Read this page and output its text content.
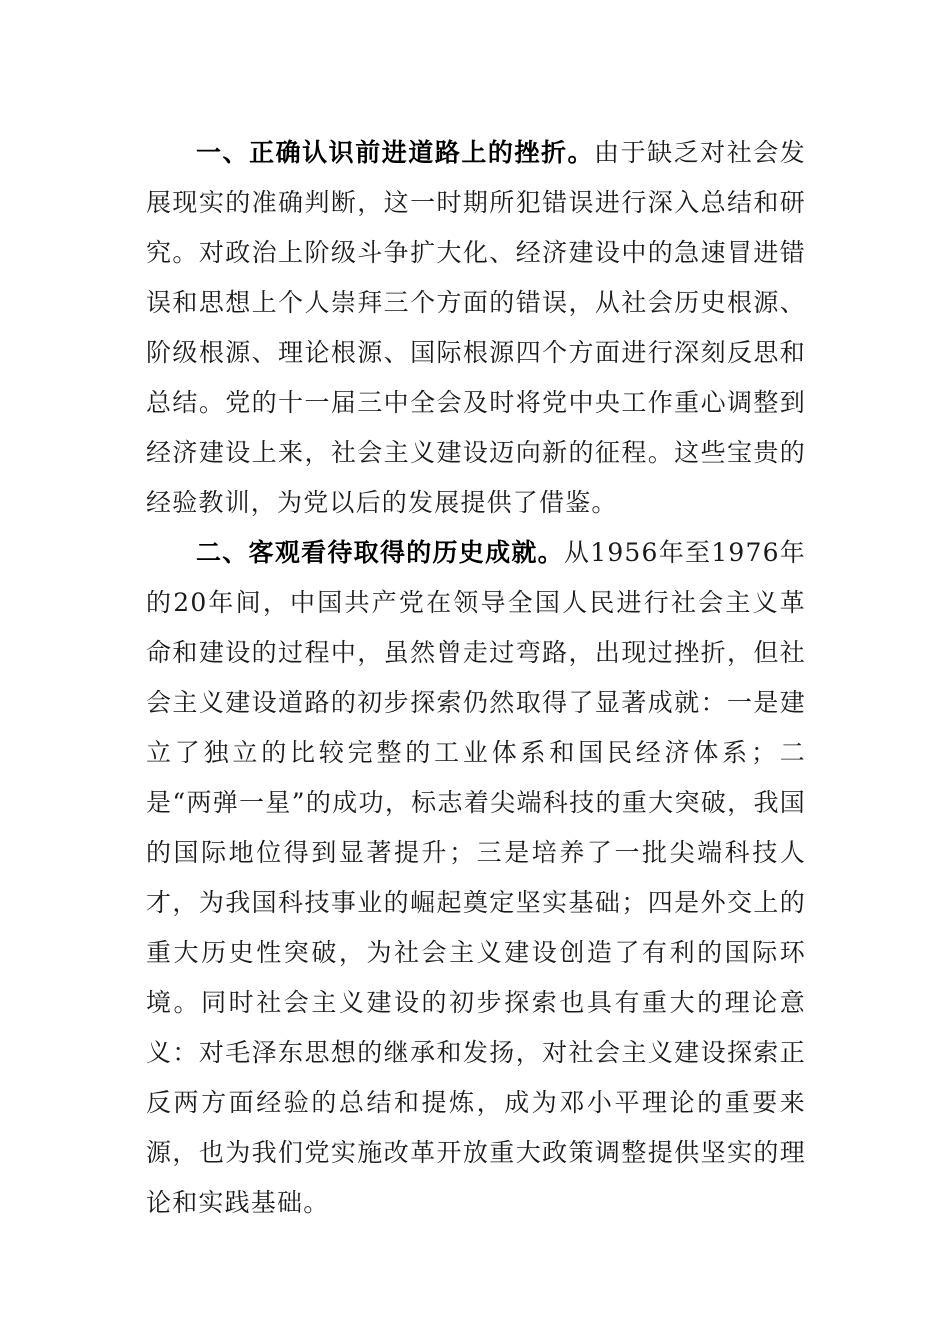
一、正确认识前进道路上的挫折。由于缺乏对社会发展现实的准确判断，这一时期所犯错误进行深入总结和研究。对政治上阶级斗争扩大化、经济建设中的急速冒进错误和思想上个人崇拜三个方面的错误，从社会历史根源、阶级根源、理论根源、国际根源四个方面进行深刻反思和总结。党的十一届三中全会及时将党中央工作重心调整到经济建设上来，社会主义建设迈向新的征程。这些宝贵的经验教训，为党以后的发展提供了借鉴。

二、客观看待取得的历史成就。从1956年至1976年的20年间，中国共产党在领导全国人民进行社会主义革命和建设的过程中，虽然曾走过弯路，出现过挫折，但社会主义建设道路的初步探索仍然取得了显著成就：一是建立了独立的比较完整的工业体系和国民经济体系；二是“两弹一星”的成功，标志着尖端科技的重大突破，我国的国际地位得到显著提升；三是培养了一批尖端科技人才，为我国科技事业的崛起奠定坚实基础；四是外交上的重大历史性突破，为社会主义建设创造了有利的国际环境。同时社会主义建设的初步探索也具有重大的理论意义：对毛泽东思想的继承和发扬，对社会主义建设探索正反两方面经验的总结和提炼，成为邓小平理论的重要来源，也为我们党实施改革开放重大政策调整提供坚实的理论和实践基础。
